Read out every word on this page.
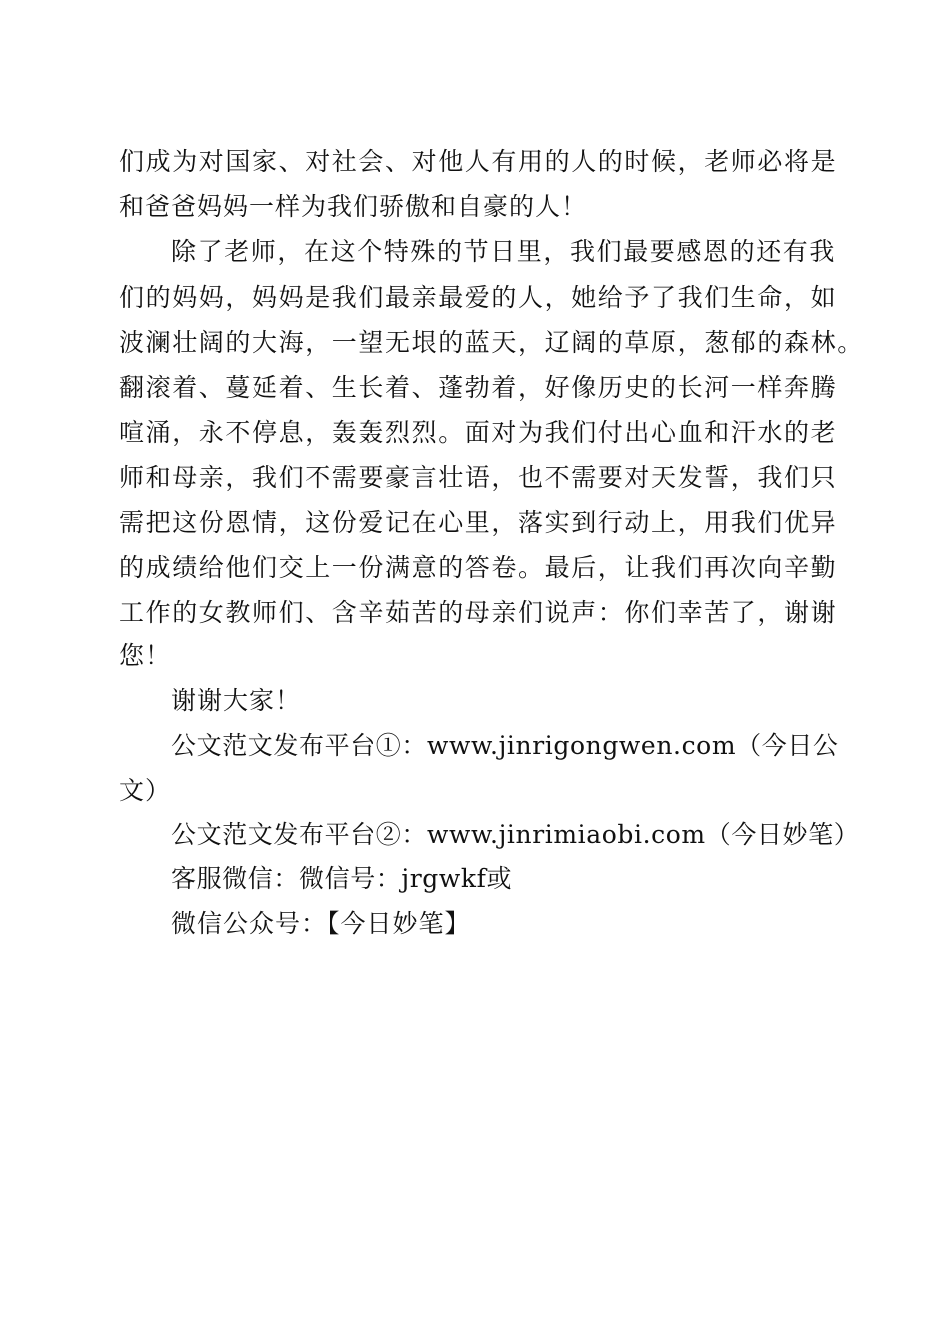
们成为对国家、对社会、对他人有用的人的时候，老师必将是
和爸爸妈妈一样为我们骄傲和自豪的人！
除了老师，在这个特殊的节日里，我们最要感恩的还有我
们的妈妈，妈妈是我们最亲最爱的人，她给予了我们生命，如
波澜壮阔的大海，一望无垠的蓝天，辽阔的草原，葱郁的森林。
翻滚着、蔓延着、生长着、蓬勃着，好像历史的长河一样奔腾
喧涌，永不停息，轰轰烈烈。面对为我们付出心血和汗水的老
师和母亲，我们不需要豪言壮语，也不需要对天发誓，我们只
需把这份恩情，这份爱记在心里，落实到行动上，用我们优异
的成绩给他们交上一份满意的答卷。最后，让我们再次向辛勤
工作的女教师们、含辛茹苦的母亲们说声：你们幸苦了，谢谢
您！
谢谢大家！
公文范文发布平台①：www.jinrigongwen.com（今日公
文）
公文范文发布平台②：www.jinrimiaobi.com（今日妙笔）
客服微信：微信号：jrgwkf或
微信公众号：【今日妙笔】
